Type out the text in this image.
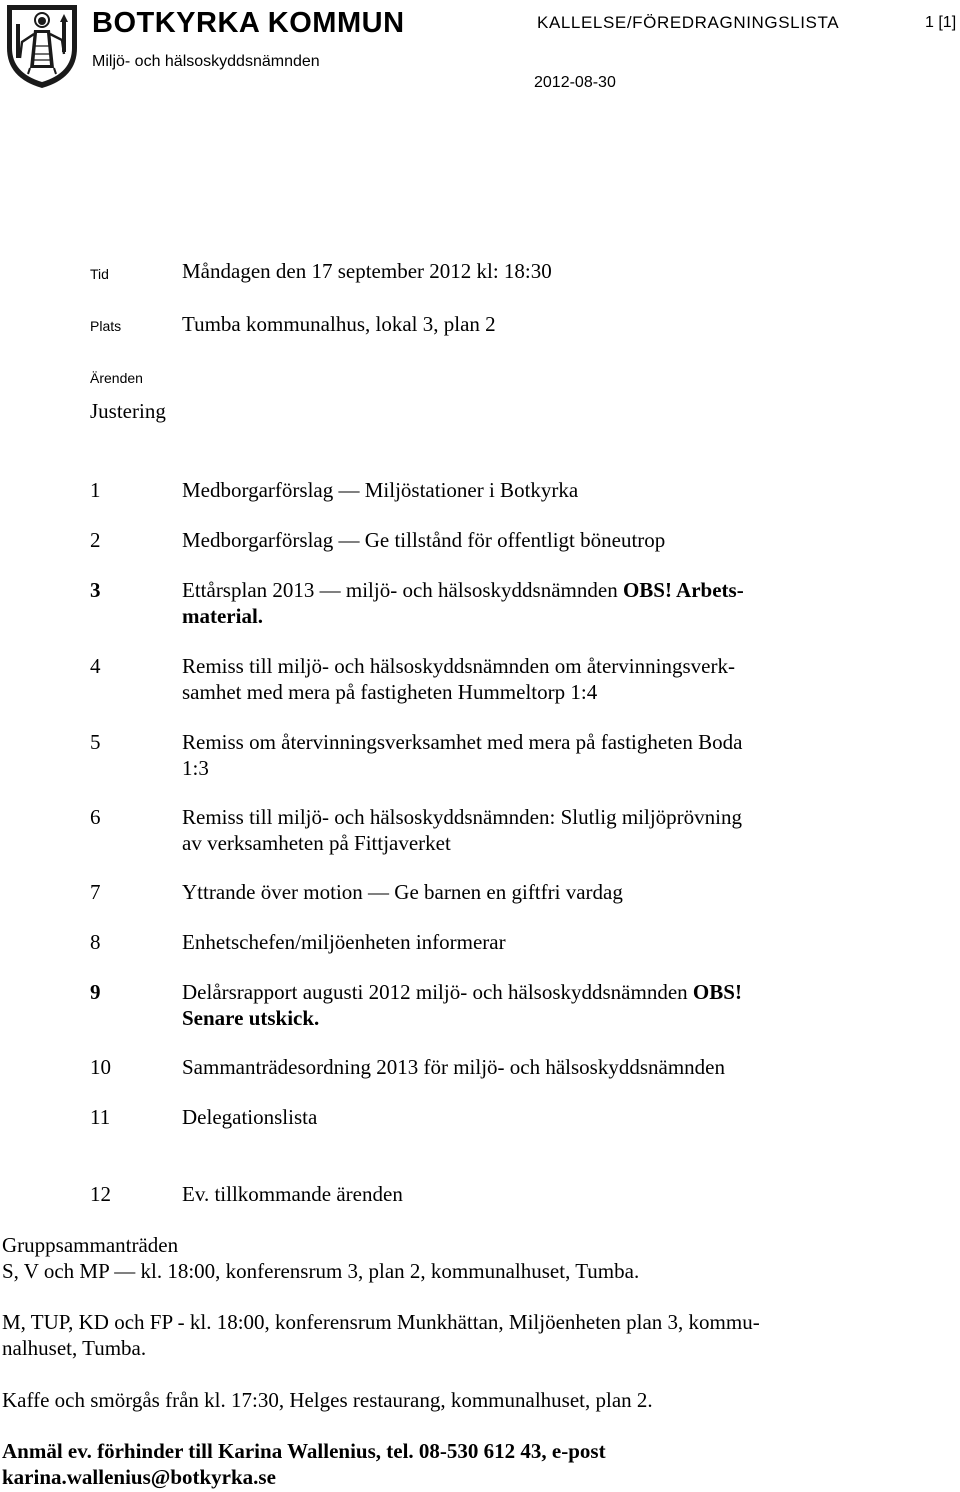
BOTKYRKA KOMMUN
Miljö- och hälsoskyddsnämnden
KALLELSE/FÖREDRAGNINGSLISTA	1 [1]
2012-08-30
Tid	Måndagen den 17 september 2012 kl: 18:30
Plats	Tumba kommunalhus, lokal 3, plan 2
Ärenden
Justering
1	Medborgarförslag — Miljöstationer i Botkyrka
2	Medborgarförslag — Ge tillstånd för offentligt böneutrop
3	Ettårsplan 2013 — miljö- och hälsoskyddsnämnden OBS! Arbets-
material.
4	Remiss till miljö- och hälsoskyddsnämnden om återvinningsverk-
samhet med mera på fastigheten Hummeltorp 1:4
5	Remiss om återvinningsverksamhet med mera på fastigheten Boda
1:3
6	Remiss till miljö- och hälsoskyddsnämnden: Slutlig miljöprövning
av verksamheten på Fittjaverket
7	Yttrande över motion — Ge barnen en giftfri vardag
8	Enhetschefen/miljöenheten informerar
9	Delårsrapport augusti 2012 miljö- och hälsoskyddsnämnden OBS!
Senare utskick.
10	Sammanträdesordning 2013 för miljö- och hälsoskyddsnämnden
11	Delegationslista
12	Ev. tillkommande ärenden
Gruppsammanträden
S, V och MP — kl. 18:00, konferensrum 3, plan 2, kommunalhuset, Tumba.
M, TUP, KD och FP - kl. 18:00, konferensrum Munkhättan, Miljöenheten plan 3, kommu-
nalhuset, Tumba.
Kaffe och smörgås från kl. 17:30, Helges restaurang, kommunalhuset, plan 2.
Anmäl ev. förhinder till Karina Wallenius, tel. 08-530 612 43, e-post
karina.wallenius@botkyrka.se
